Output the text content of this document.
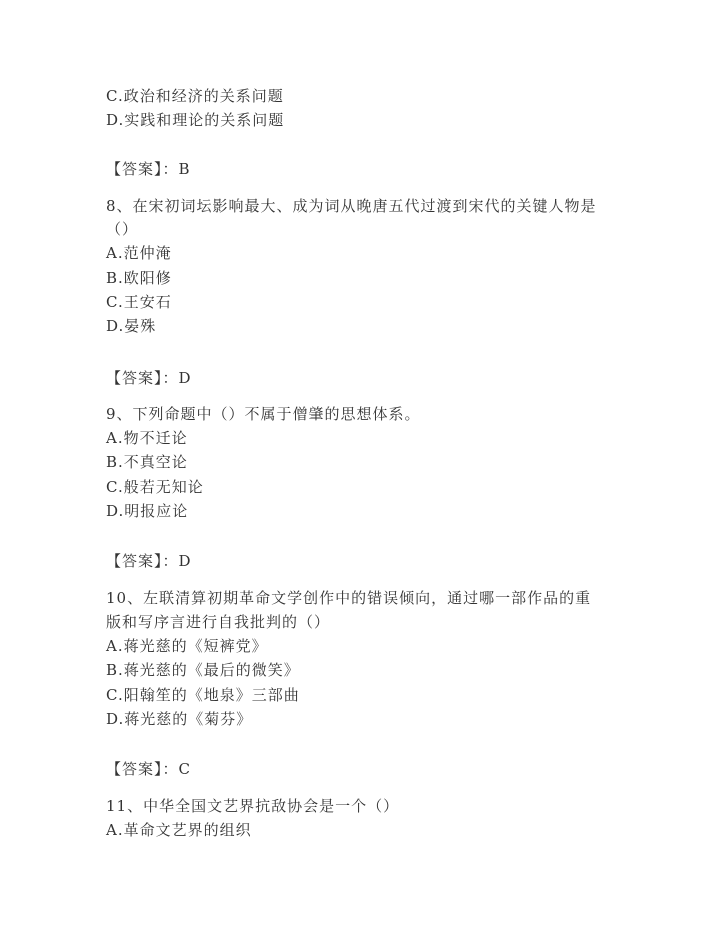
C.政治和经济的关系问题
D.实践和理论的关系问题
【答案】：B
8、在宋初词坛影响最大、成为词从晚唐五代过渡到宋代的关键人物是
（）
A.范仲淹
B.欧阳修
C.王安石
D.晏殊
【答案】：D
9、下列命题中（）不属于僧肇的思想体系。
A.物不迁论
B.不真空论
C.般若无知论
D.明报应论
【答案】：D
10、左联清算初期革命文学创作中的错误倾向，通过哪一部作品的重
版和写序言进行自我批判的（）
A.蒋光慈的《短裤党》
B.蒋光慈的《最后的微笑》
C.阳翰笙的《地泉》三部曲
D.蒋光慈的《菊芬》
【答案】：C
11、中华全国文艺界抗敌协会是一个（）
A.革命文艺界的组织
